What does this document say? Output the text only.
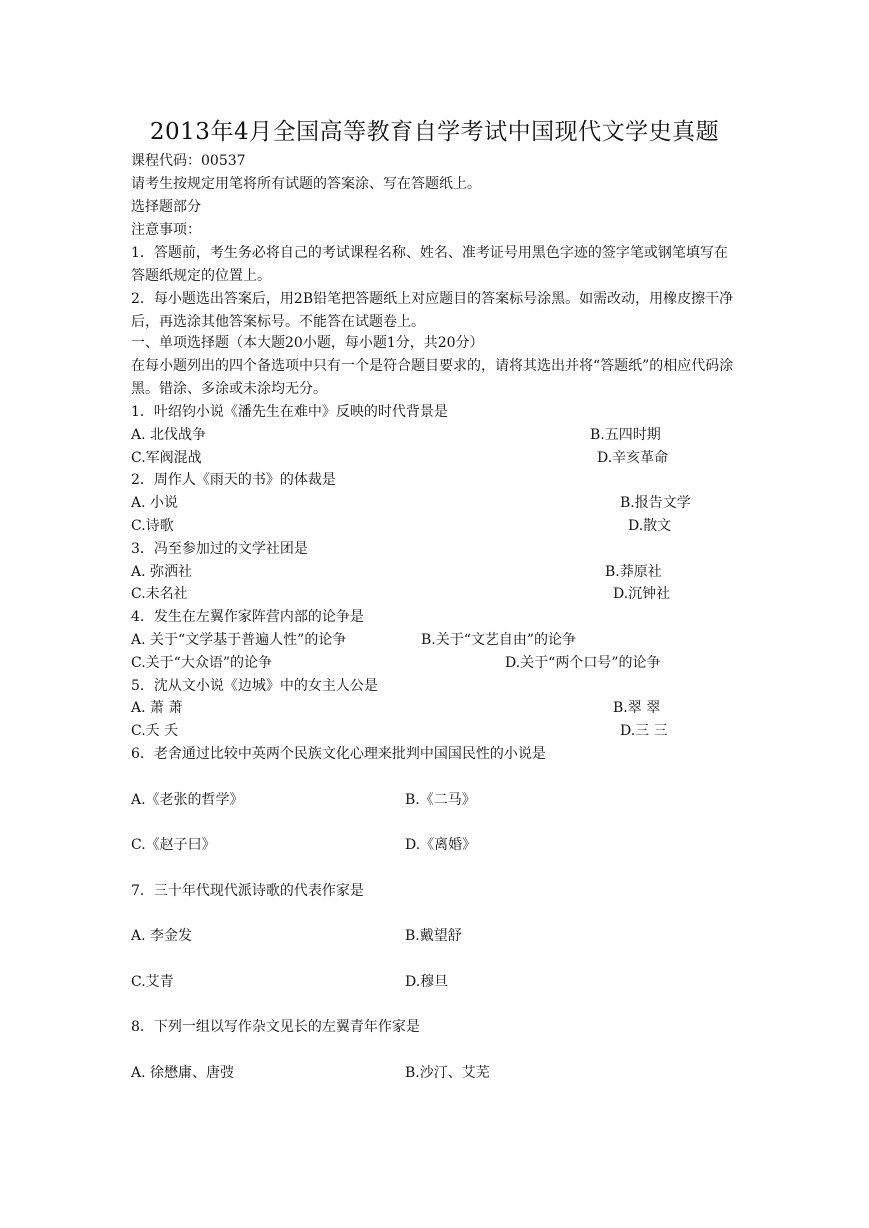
2013年4月全国高等教育自学考试中国现代文学史真题
课程代码：00537
请考生按规定用笔将所有试题的答案涂、写在答题纸上。
选择题部分
注意事项：
1．答题前，考生务必将自己的考试课程名称、姓名、准考证号用黑色字迹的签字笔或钢笔填写在答题纸规定的位置上。
2．每小题选出答案后，用2B铅笔把答题纸上对应题目的答案标号涂黑。如需改动，用橡皮擦干净后，再选涂其他答案标号。不能答在试题卷上。
一、单项选择题（本大题20小题，每小题1分，共20分）
在每小题列出的四个备选项中只有一个是符合题目要求的，请将其选出并将“答题纸”的相应代码涂黑。错涂、多涂或未涂均无分。
1．叶绍钧小说《潘先生在难中》反映的时代背景是
A. 北伐战争	B.五四时期
C.军阀混战	D.辛亥革命
2．周作人《雨天的书》的体裁是
A. 小说	B.报告文学
C.诗歌	D.散文
3．冯至参加过的文学社团是
A. 弥洒社	B.莽原社
C.未名社	D.沉钟社
4．发生在左翼作家阵营内部的论争是
A. 关于“文学基于普遍人性”的论争	B.关于“文艺自由”的论争
C.关于“大众语”的论争	D.关于“两个口号”的论争
5．沈从文小说《边城》中的女主人公是
A. 萧 萧	B.翠 翠
C.夭 夭	D.三 三
6．老舍通过比较中英两个民族文化心理来批判中国国民性的小说是
A.《老张的哲学》	B.《二马》
C.《赵子曰》	D.《离婚》
7．三十年代现代派诗歌的代表作家是
A. 李金发	B.戴望舒
C.艾青	D.穆旦
8．下列一组以写作杂文见长的左翼青年作家是
A. 徐懋庸、唐弢	B.沙汀、艾芜
